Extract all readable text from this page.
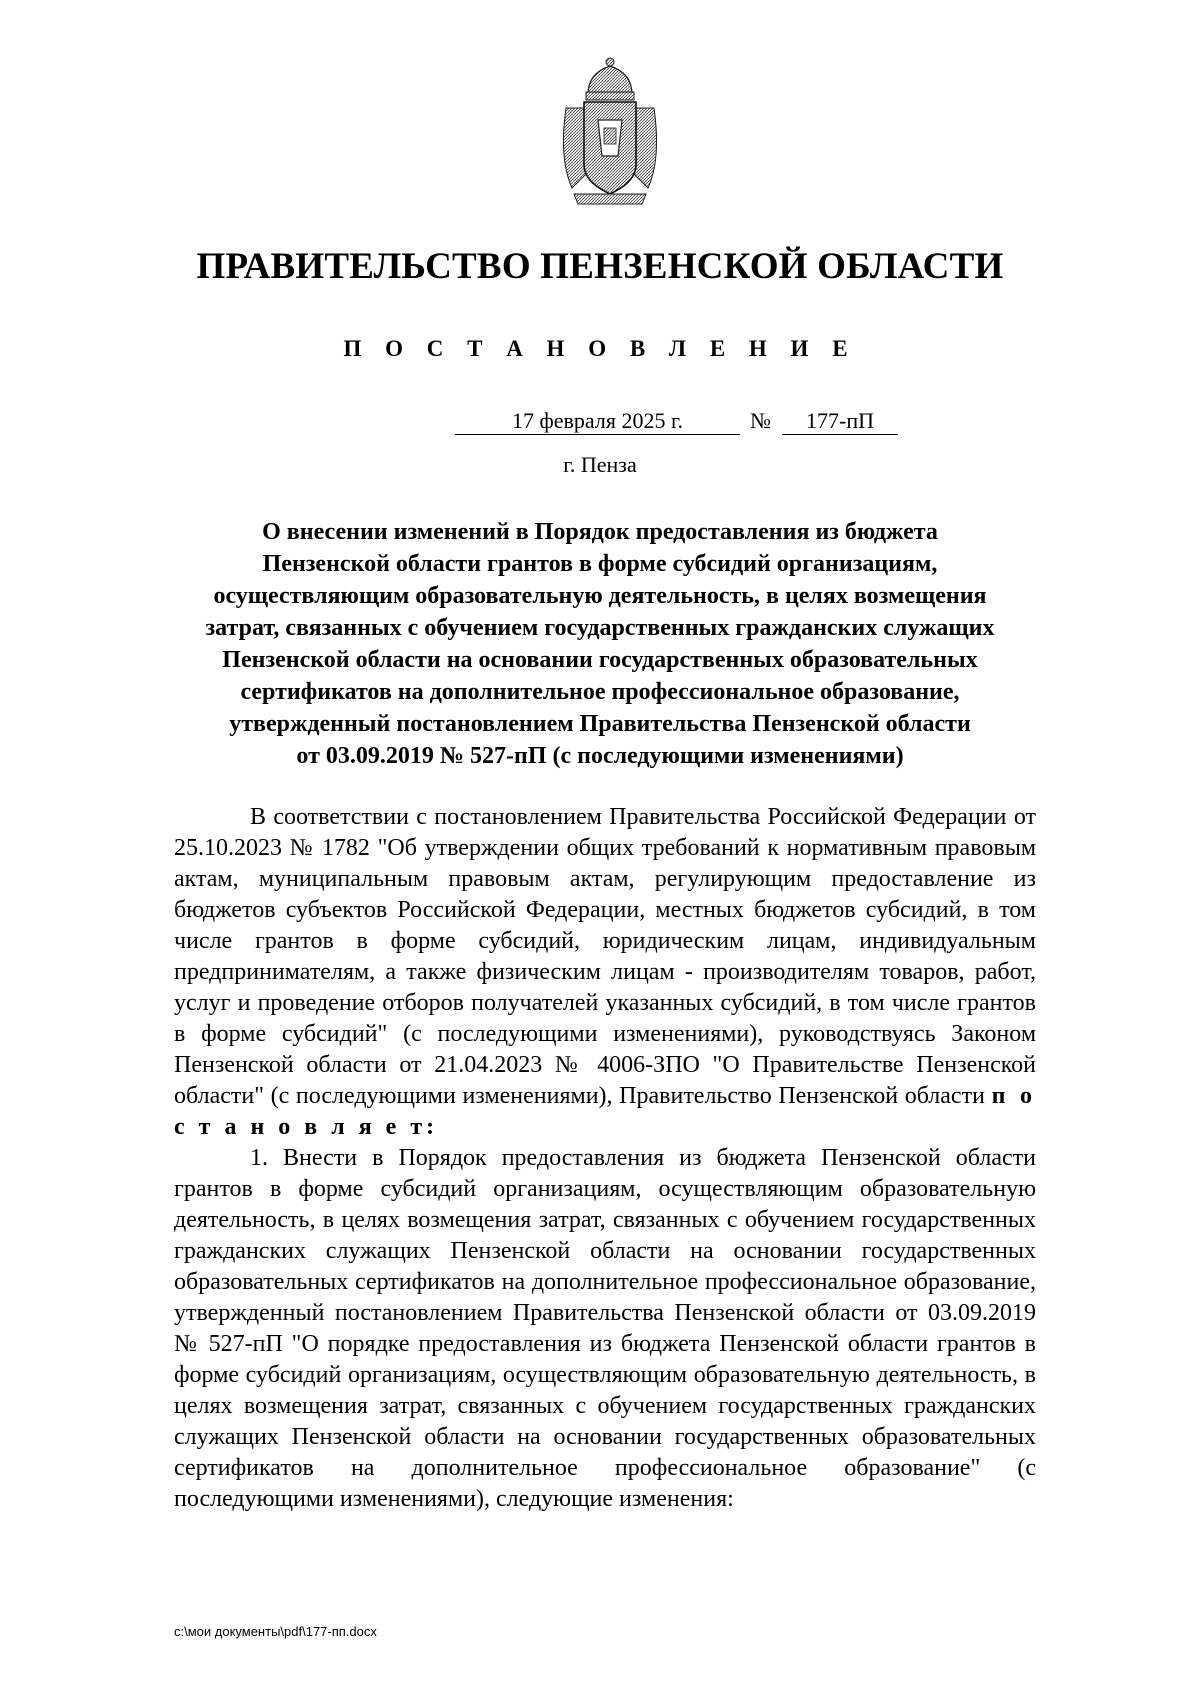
ПРАВИТЕЛЬСТВО ПЕНЗЕНСКОЙ ОБЛАСТИ
П О С Т А Н О В Л Е Н И Е
17 февраля 2025 г.	№	177-пП
г. Пенза
О внесении изменений в Порядок предоставления из бюджета
Пензенской области грантов в форме субсидий организациям,
осуществляющим образовательную деятельность, в целях возмещения
затрат, связанных с обучением государственных гражданских служащих
Пензенской области на основании государственных образовательных
сертификатов на дополнительное профессиональное образование,
утвержденный постановлением Правительства Пензенской области
от 03.09.2019 № 527-пП (с последующими изменениями)

В соответствии с постановлением Правительства Российской Федерации от 25.10.2023 № 1782 "Об утверждении общих требований к нормативным правовым актам, муниципальным правовым актам, регулирующим предоставление из бюджетов субъектов Российской Федерации, местных бюджетов субсидий, в том числе грантов в форме субсидий, юридическим лицам, индивидуальным предпринимателям, а также физическим лицам - производителям товаров, работ, услуг и проведение отборов получателей указанных субсидий, в том числе грантов в форме субсидий" (с последующими изменениями), руководствуясь Законом Пензенской области от 21.04.2023 № 4006-ЗПО "О Правительстве Пензенской области" (с последующими изменениями), Правительство Пензенской области п о с т а н о в л я е т:

1. Внести в Порядок предоставления из бюджета Пензенской области грантов в форме субсидий организациям, осуществляющим образовательную деятельность, в целях возмещения затрат, связанных с обучением государственных гражданских служащих Пензенской области на основании государственных образовательных сертификатов на дополнительное профессиональное образование, утвержденный постановлением Правительства Пензенской области от 03.09.2019 № 527-пП "О порядке предоставления из бюджета Пензенской области грантов в форме субсидий организациям, осуществляющим образовательную деятельность, в целях возмещения затрат, связанных с обучением государственных гражданских служащих Пензенской области на основании государственных образовательных сертификатов на дополнительное профессиональное образование" (с последующими изменениями), следующие изменения:

c:\мои документы\pdf\177-пп.docx
